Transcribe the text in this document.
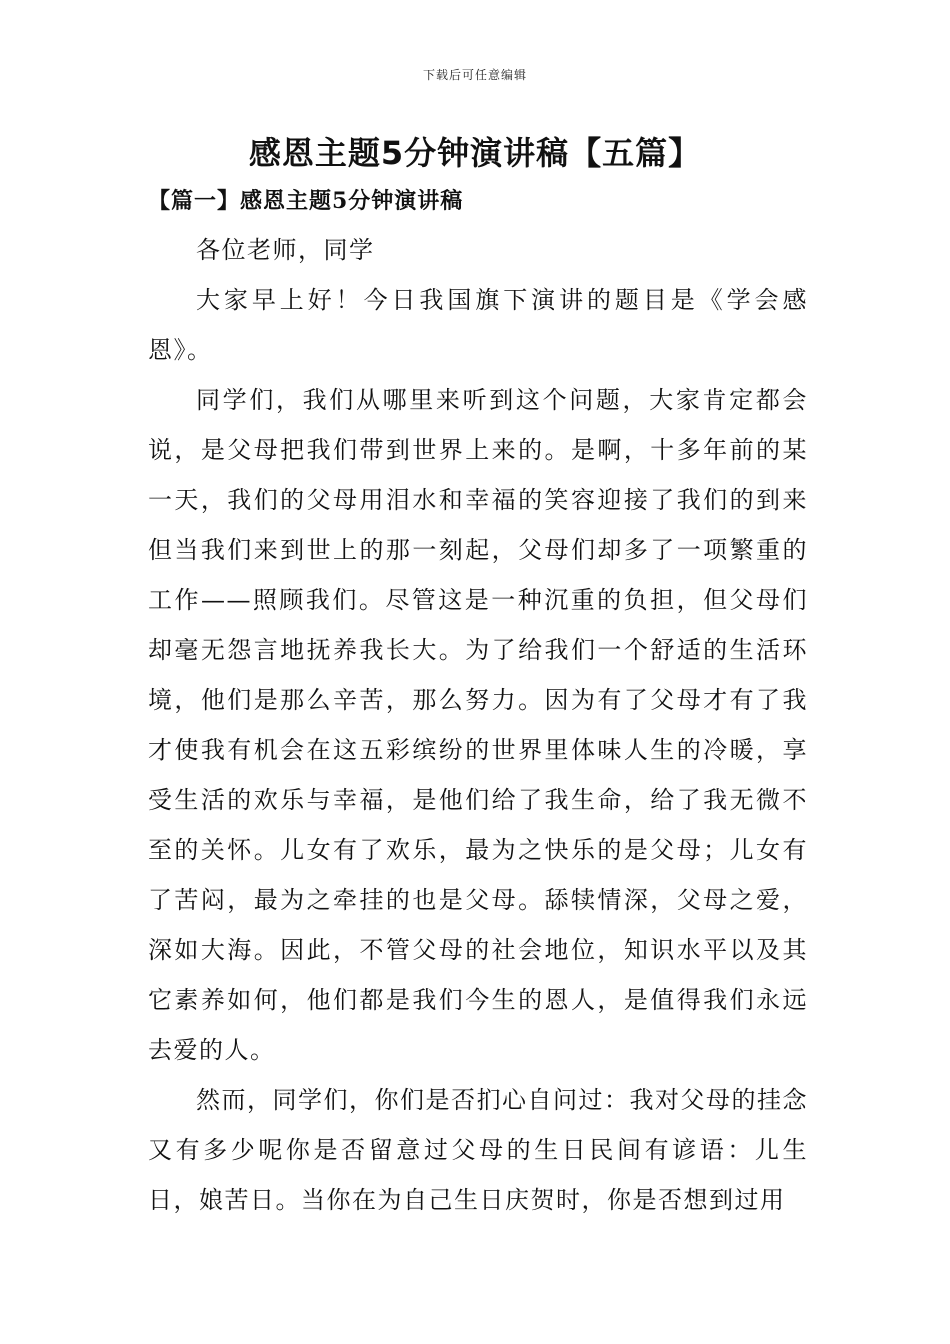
下载后可任意编辑
感恩主题5分钟演讲稿【五篇】
【篇一】感恩主题5分钟演讲稿

各位老师，同学

大家早上好！今日我国旗下演讲的题目是《学会感恩》。

同学们，我们从哪里来听到这个问题，大家肯定都会说，是父母把我们带到世界上来的。是啊，十多年前的某一天，我们的父母用泪水和幸福的笑容迎接了我们的到来但当我们来到世上的那一刻起，父母们却多了一项繁重的工作——照顾我们。尽管这是一种沉重的负担，但父母们却毫无怨言地抚养我长大。为了给我们一个舒适的生活环境，他们是那么辛苦，那么努力。因为有了父母才有了我才使我有机会在这五彩缤纷的世界里体味人生的冷暖，享受生活的欢乐与幸福，是他们给了我生命，给了我无微不至的关怀。儿女有了欢乐，最为之快乐的是父母；儿女有了苦闷，最为之牵挂的也是父母。舔犊情深，父母之爱，深如大海。因此，不管父母的社会地位，知识水平以及其它素养如何，他们都是我们今生的恩人，是值得我们永远去爱的人。

然而，同学们，你们是否扪心自问过：我对父母的挂念又有多少呢你是否留意过父母的生日民间有谚语：儿生日，娘苦日。当你在为自己生日庆贺时，你是否想到过用
